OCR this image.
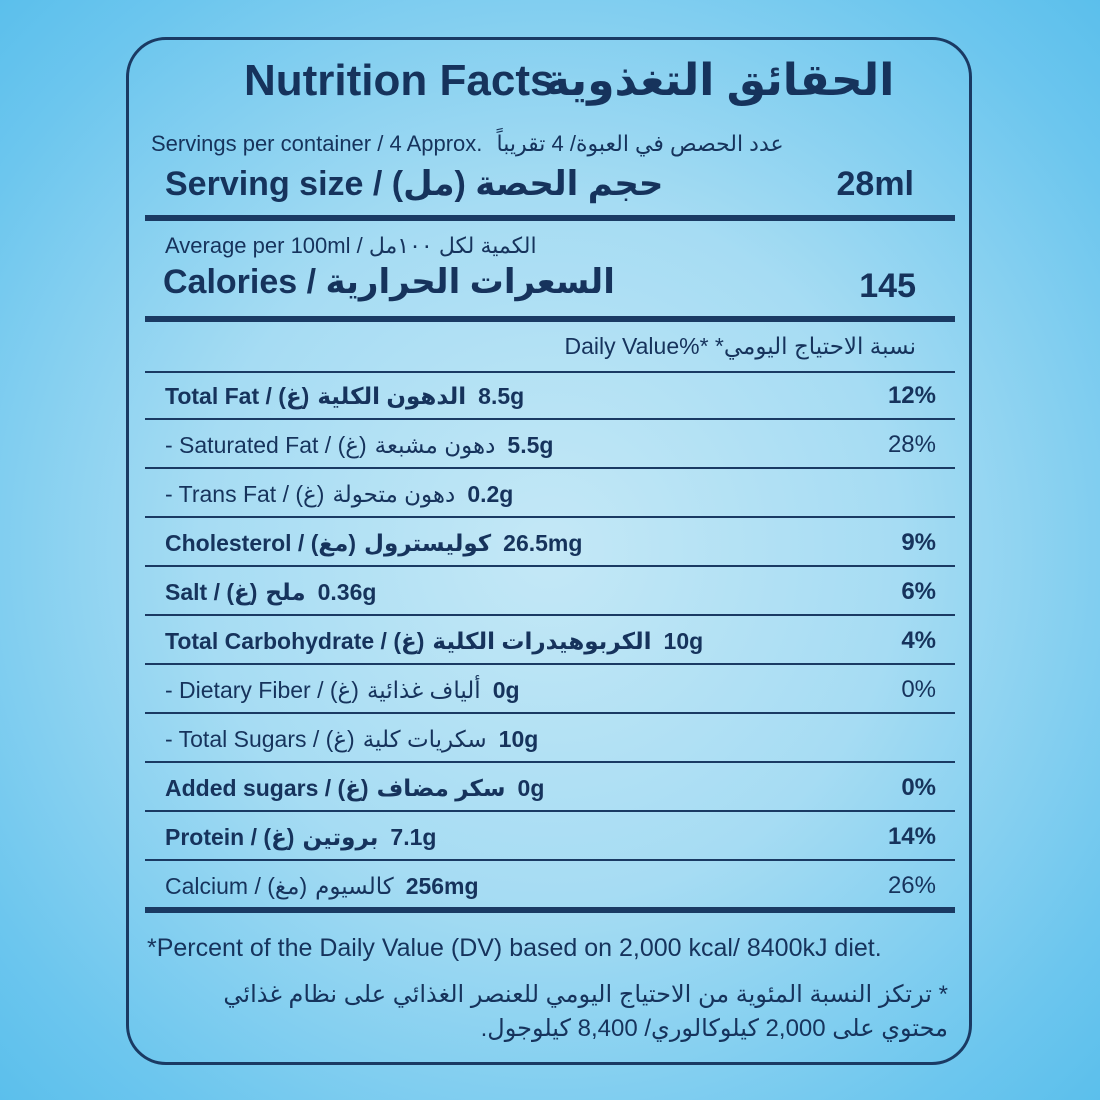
Nutrition Facts
الحقائق التغذوية
Servings per container / 4 Approx. عدد الحصص في العبوة/ 4 تقريباً
Serving size / حجم الحصة (مل)	28ml
Average per 100ml / الكمية لكل ١٠٠مل
Calories / السعرات الحرارية	145
Daily Value%* نسبة الاحتياج اليومي*
Total Fat / (غ) الدهون الكلية 8.5g	12%
- Saturated Fat / (غ) دهون مشبعة 5.5g	28%
- Trans Fat / (غ) دهون متحولة 0.2g
Cholesterol / (مغ) كوليسترول 26.5mg	9%
Salt / (غ) ملح 0.36g	6%
Total Carbohydrate / (غ) الكربوهيدرات الكلية 10g	4%
- Dietary Fiber / (غ) ألياف غذائية 0g	0%
- Total Sugars / (غ) سكريات كلية 10g
Added sugars / (غ) سكر مضاف 0g	0%
Protein / (غ) بروتين 7.1g	14%
Calcium / (مغ) كالسيوم 256mg	26%
*Percent of the Daily Value (DV) based on 2,000 kcal/ 8400kJ diet.
* ترتكز النسبة المئوية من الاحتياج اليومي للعنصر الغذائي على نظام غذائي
محتوي على 2,000 كيلوكالوري/ 8,400 كيلوجول.
